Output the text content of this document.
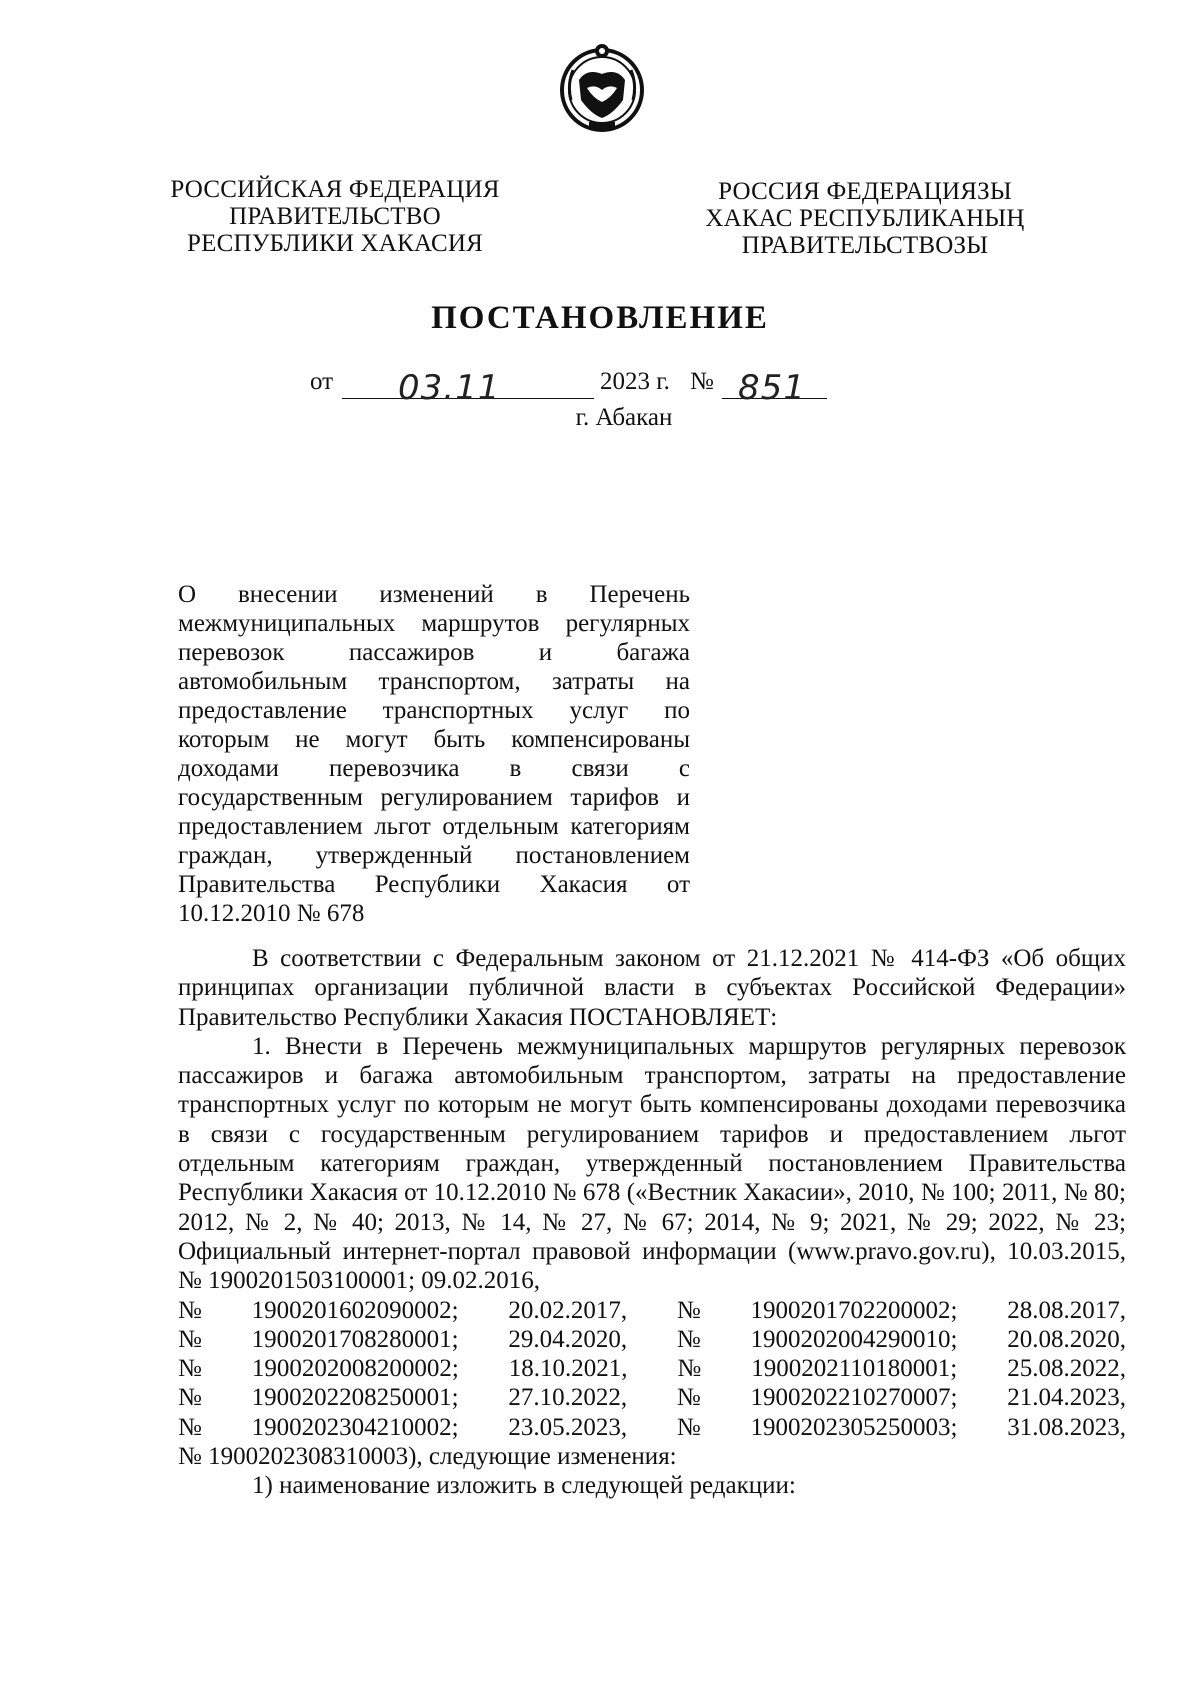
РОССИЙСКАЯ ФЕДЕРАЦИЯ
ПРАВИТЕЛЬСТВО
РЕСПУБЛИКИ ХАКАСИЯ
РОССИЯ ФЕДЕРАЦИЯЗЫ
ХАКАС РЕСПУБЛИКАНЫҢ
ПРАВИТЕЛЬСТВОЗЫ
ПОСТАНОВЛЕНИЕ
от 03.11	2023 г. № 851
г. Абакан
О внесении изменений в Перечень межмуниципальных маршрутов регулярных перевозок пассажиров и багажа автомобильным транспортом, затраты на предоставление транспортных услуг по которым не могут быть компенсированы доходами перевозчика в связи с государственным регулированием тарифов и предоставлением льгот отдельным категориям граждан, утвержденный постановлением Правительства Республики Хакасия от 10.12.2010 № 678

В соответствии с Федеральным законом от 21.12.2021 № 414-ФЗ «Об общих принципах организации публичной власти в субъектах Российской Федерации» Правительство Республики Хакасия ПОСТАНОВЛЯЕТ:

1. Внести в Перечень межмуниципальных маршрутов регулярных перевозок пассажиров и багажа автомобильным транспортом, затраты на предоставление транспортных услуг по которым не могут быть компенсированы доходами перевозчика в связи с государственным регулированием тарифов и предоставлением льгот отдельным категориям граждан, утвержденный постановлением Правительства Республики Хакасия от 10.12.2010 № 678 («Вестник Хакасии», 2010, № 100; 2011, № 80; 2012, № 2, № 40; 2013, № 14, № 27, № 67; 2014, № 9; 2021, № 29; 2022, № 23; Официальный интернет-портал правовой информации (www.pravo.gov.ru), 10.03.2015, № 1900201503100001; 09.02.2016,

№ 1900201602090002; 20.02.2017, № 1900201702200002; 28.08.2017,
№ 1900201708280001; 29.04.2020, № 1900202004290010; 20.08.2020,
№ 1900202008200002; 18.10.2021, № 1900202110180001; 25.08.2022,
№ 1900202208250001; 27.10.2022, № 1900202210270007; 21.04.2023,
№ 1900202304210002; 23.05.2023, № 1900202305250003; 31.08.2023,

№ 1900202308310003), следующие изменения:

1) наименование изложить в следующей редакции:
